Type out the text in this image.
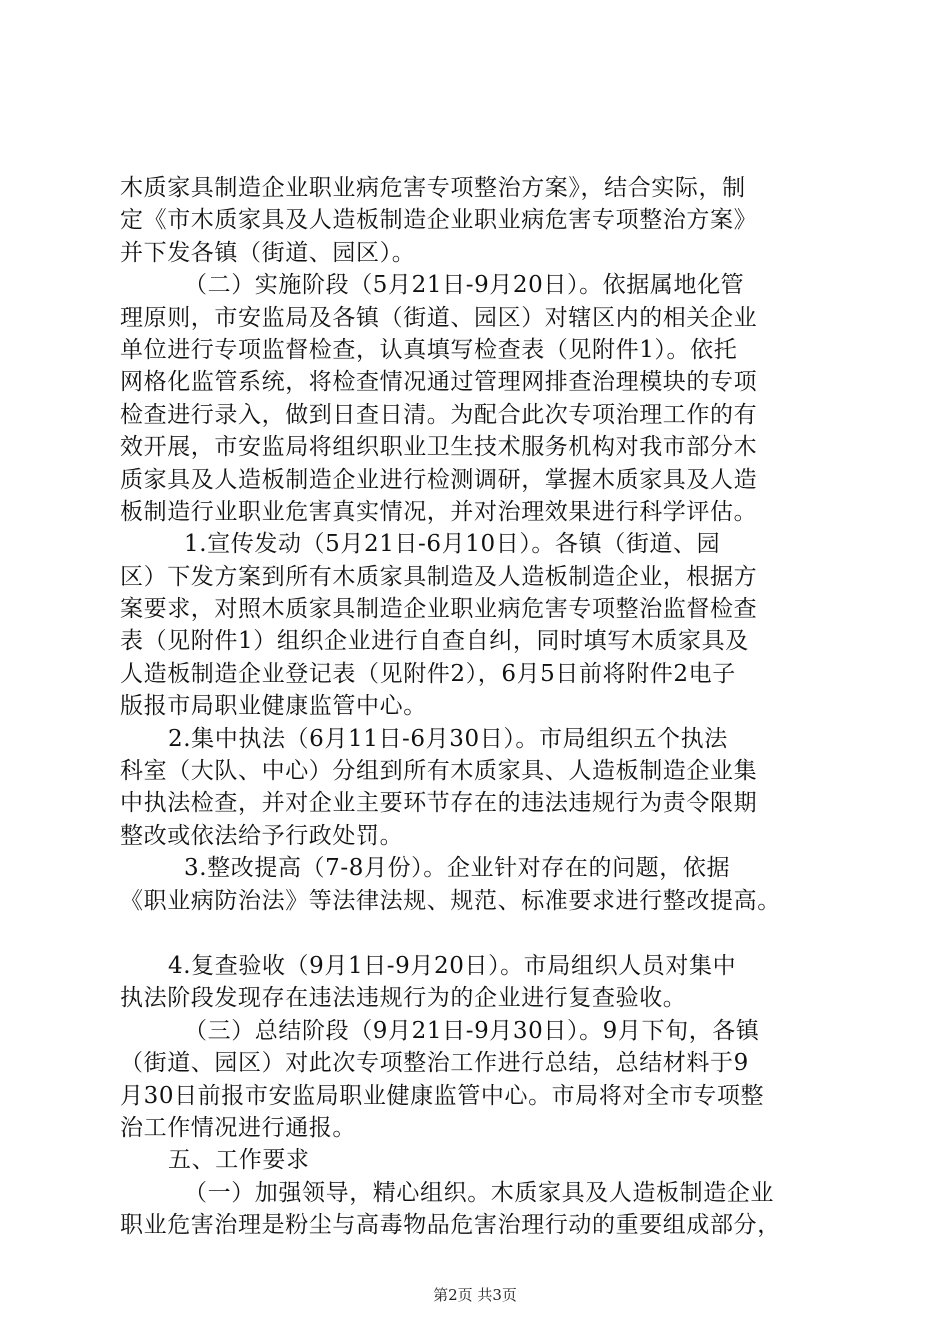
木质家具制造企业职业病危害专项整治方案》，结合实际，制
定《市木质家具及人造板制造企业职业病危害专项整治方案》
并下发各镇（街道、园区）。
（二）实施阶段（5月21日-9月20日）。依据属地化管
理原则，市安监局及各镇（街道、园区）对辖区内的相关企业
单位进行专项监督检查，认真填写检查表（见附件1）。依托
网格化监管系统，将检查情况通过管理网排查治理模块的专项
检查进行录入，做到日查日清。为配合此次专项治理工作的有
效开展，市安监局将组织职业卫生技术服务机构对我市部分木
质家具及人造板制造企业进行检测调研，掌握木质家具及人造
板制造行业职业危害真实情况，并对治理效果进行科学评估。
1.宣传发动（5月21日-6月10日）。各镇（街道、园
区）下发方案到所有木质家具制造及人造板制造企业，根据方
案要求，对照木质家具制造企业职业病危害专项整治监督检查
表（见附件1）组织企业进行自查自纠，同时填写木质家具及
人造板制造企业登记表（见附件2），6月5日前将附件2电子
版报市局职业健康监管中心。
2.集中执法（6月11日-6月30日）。市局组织五个执法
科室（大队、中心）分组到所有木质家具、人造板制造企业集
中执法检查，并对企业主要环节存在的违法违规行为责令限期
整改或依法给予行政处罚。
3.整改提高（7-8月份）。企业针对存在的问题，依据
《职业病防治法》等法律法规、规范、标准要求进行整改提高。
4.复查验收（9月1日-9月20日）。市局组织人员对集中
执法阶段发现存在违法违规行为的企业进行复查验收。
（三）总结阶段（9月21日-9月30日）。9月下旬，各镇
（街道、园区）对此次专项整治工作进行总结，总结材料于9
月30日前报市安监局职业健康监管中心。市局将对全市专项整
治工作情况进行通报。
五、工作要求
（一）加强领导，精心组织。木质家具及人造板制造企业
职业危害治理是粉尘与高毒物品危害治理行动的重要组成部分，
第2页 共3页
